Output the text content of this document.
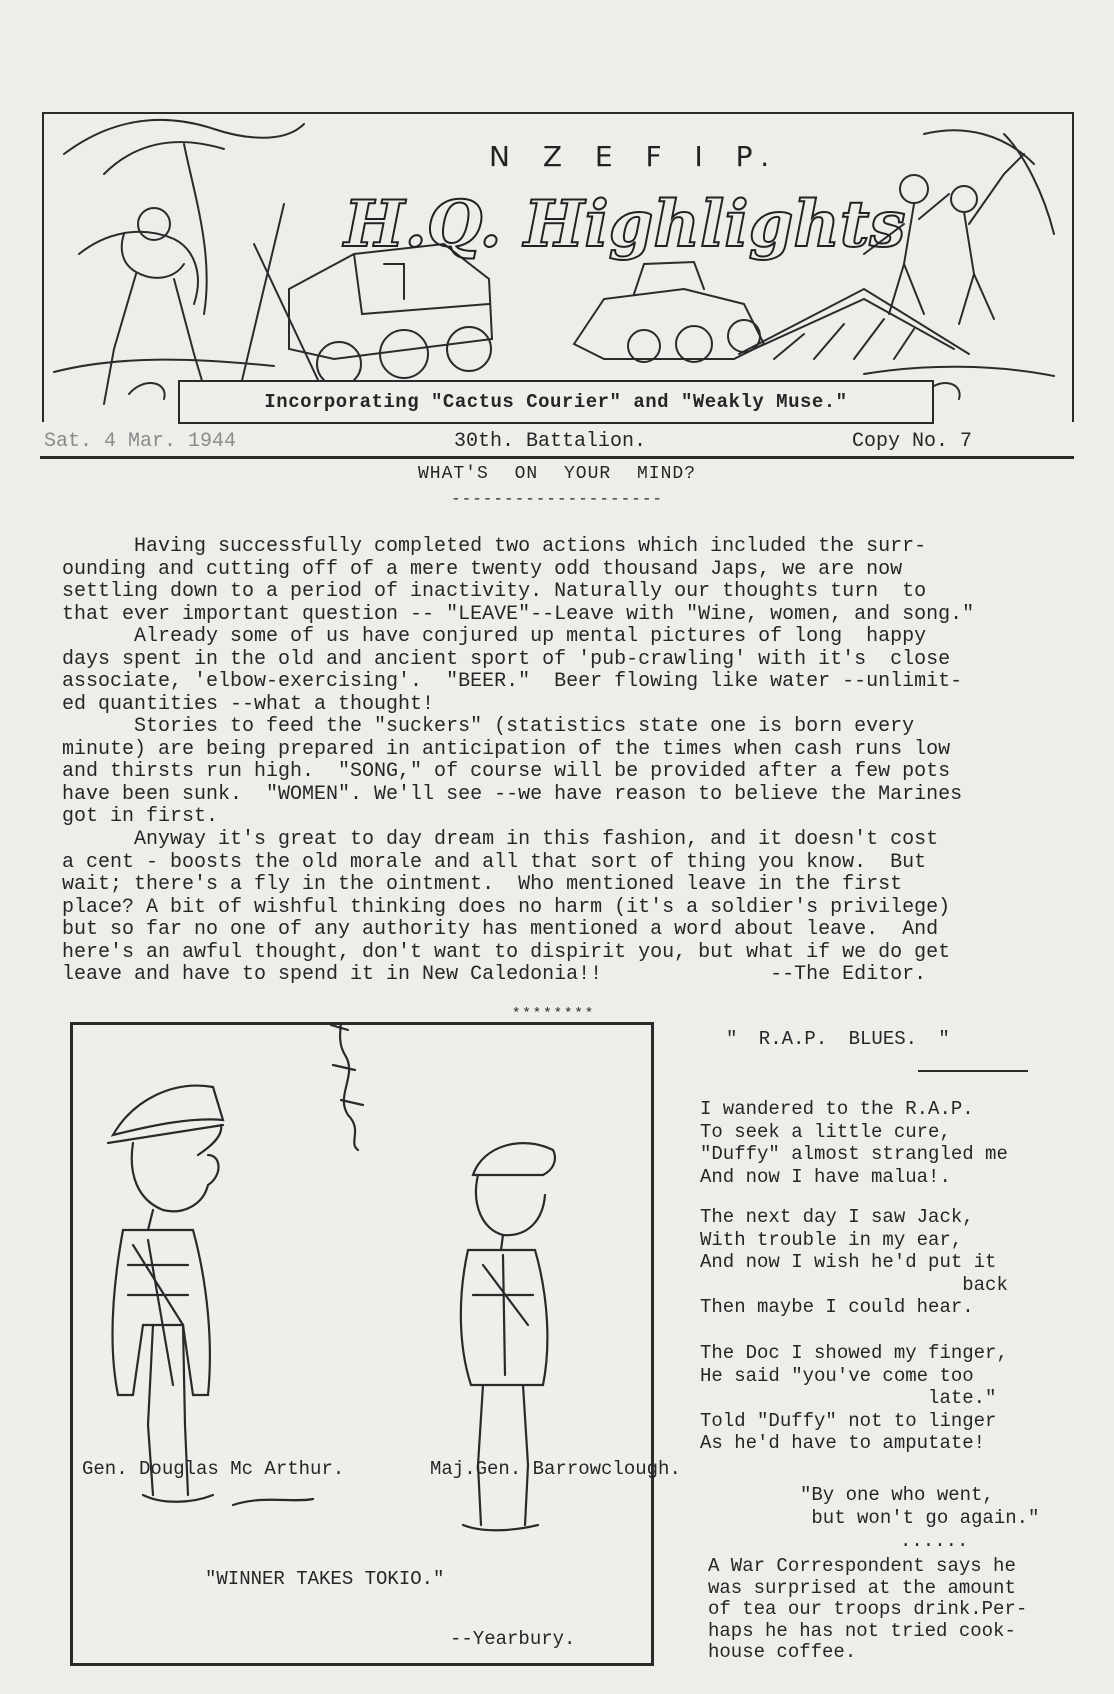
N Z E F I P.
H.Q. Highlights
Incorporating "Cactus Courier" and "Weakly Muse."
Sat. 4 Mar. 1944	30th. Battalion.	Copy No. 7
WHAT'S ON YOUR MIND?
--------------------
Having successfully completed two actions which included the surr-
ounding and cutting off of a mere twenty odd thousand Japs, we are now
settling down to a period of inactivity. Naturally our thoughts turn  to
that ever important question -- "LEAVE"--Leave with "Wine, women, and song."
Already some of us have conjured up mental pictures of long  happy
days spent in the old and ancient sport of 'pub-crawling' with it's  close
associate, 'elbow-exercising'.  "BEER."  Beer flowing like water --unlimit-
ed quantities --what a thought!
Stories to feed the "suckers" (statistics state one is born every
minute) are being prepared in anticipation of the times when cash runs low
and thirsts run high.  "SONG," of course will be provided after a few pots
have been sunk.  "WOMEN". We'll see --we have reason to believe the Marines
got in first.
Anyway it's great to day dream in this fashion, and it doesn't cost
a cent - boosts the old morale and all that sort of thing you know.  But
wait; there's a fly in the ointment.  Who mentioned leave in the first
place? A bit of wishful thinking does no harm (it's a soldier's privilege)
but so far no one of any authority has mentioned a word about leave.  And
here's an awful thought, don't want to dispirit you, but what if we do get
leave and have to spend it in New Caledonia!!              --The Editor.
********
Gen. Douglas Mc Arthur.	Maj.Gen. Barrowclough.
"WINNER TAKES TOKIO."
--Yearbury.
" R.A.P. BLUES. "
I wandered to the R.A.P.
To seek a little cure,
"Duffy" almost strangled me
And now I have malua!.
The next day I saw Jack,
With trouble in my ear,
And now I wish he'd put it
back
Then maybe I could hear.
The Doc I showed my finger,
He said "you've come too
late."
Told "Duffy" not to linger
As he'd have to amputate!
"By one who went,
but won't go again."
......
A War Correspondent says he
was surprised at the amount
of tea our troops drink.Per-
haps he has not tried cook-
house coffee.
